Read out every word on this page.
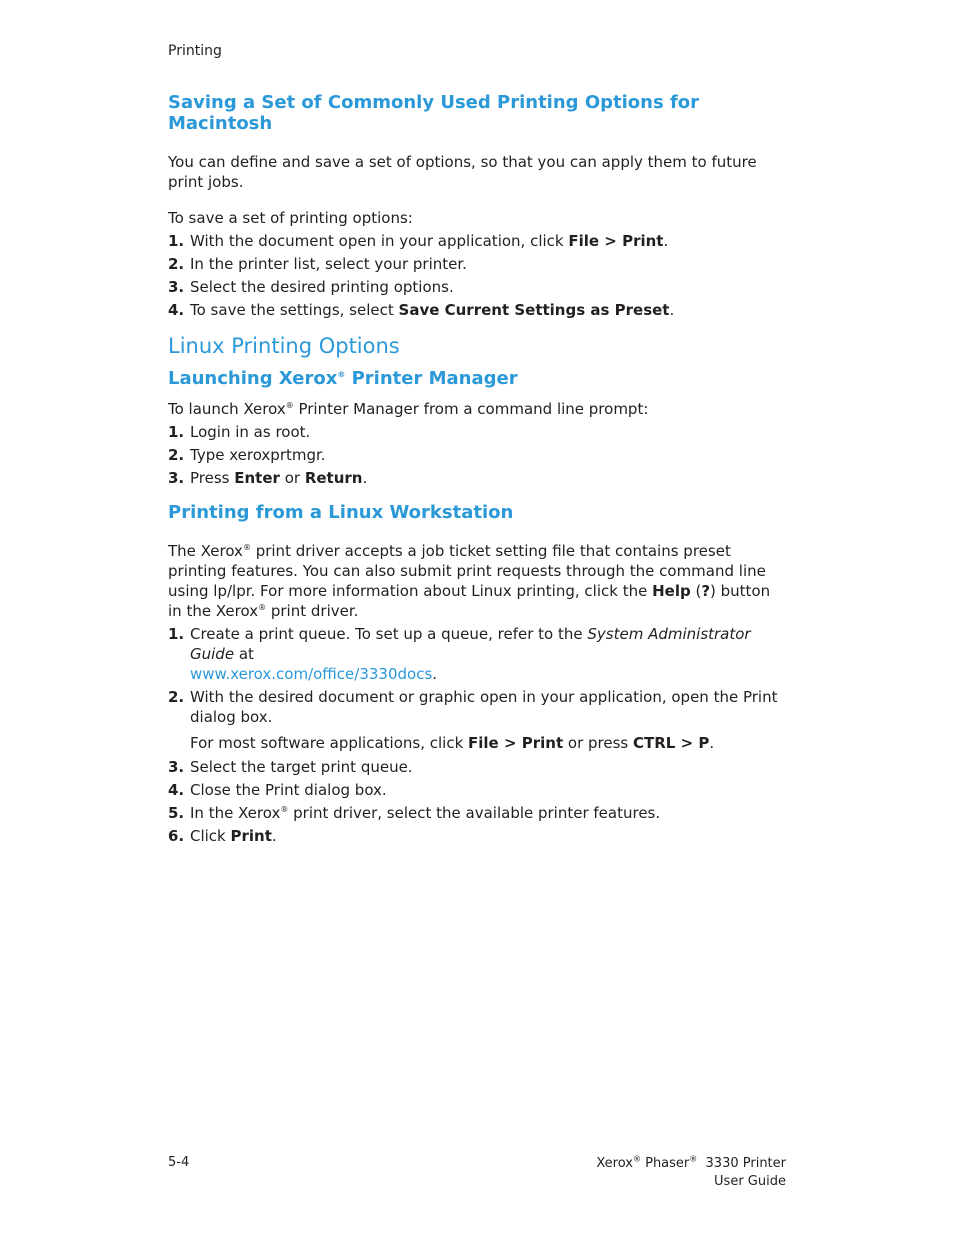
Printing
Saving a Set of Commonly Used Printing Options for Macintosh

You can define and save a set of options, so that you can apply them to future print jobs.

To save a set of printing options:

1. With the document open in your application, click File > Print.
2. In the printer list, select your printer.
3. Select the desired printing options.
4. To save the settings, select Save Current Settings as Preset.
Linux Printing Options
Launching Xerox® Printer Manager

To launch Xerox® Printer Manager from a command line prompt:

1. Login in as root.
2. Type xeroxprtmgr.
3. Press Enter or Return.
Printing from a Linux Workstation

The Xerox® print driver accepts a job ticket setting file that contains preset printing features. You can also submit print requests through the command line using lp/lpr. For more information about Linux printing, click the Help (?) button in the Xerox® print driver.

1. Create a print queue. To set up a queue, refer to the System Administrator Guide at
www.xerox.com/office/3330docs.
2. With the desired document or graphic open in your application, open the Print dialog box.
For most software applications, click File > Print or press CTRL > P.
3. Select the target print queue.
4. Close the Print dialog box.
5. In the Xerox® print driver, select the available printer features.
6. Click Print.
5-4	Xerox® Phaser®  3330 Printer
User Guide
